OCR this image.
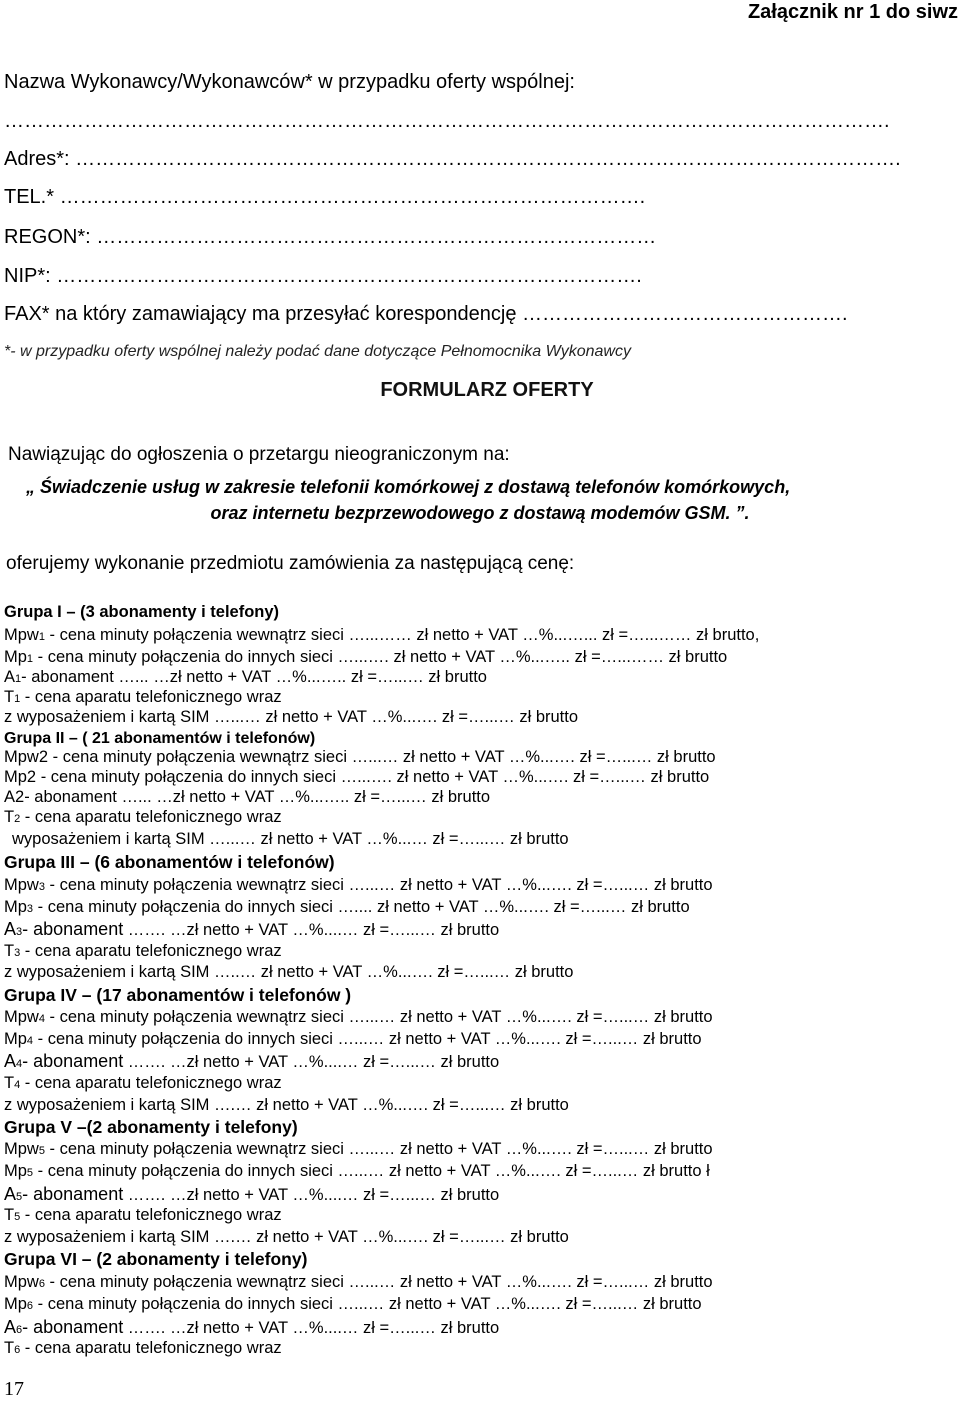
Załącznik nr 1 do siwz
Nazwa Wykonawcy/Wykonawców* w przypadku oferty wspólnej:
…………………………………………………………………………………………………………………….
Adres*: …………………………………………………………………………………………………………….
TEL.* …………………………………………………………………………….
REGON*: …………………………………………………………………………
NIP*: …………………………………………………………………………….
FAX* na który zamawiający ma przesyłać korespondencję ………………………………………….
*- w przypadku oferty wspólnej należy podać dane dotyczące Pełnomocnika Wykonawcy
FORMULARZ OFERTY
Nawiązując do ogłoszenia o przetargu nieograniczonym na:
„ Świadczenie usług w zakresie telefonii komórkowej z dostawą telefonów komórkowych,
oraz internetu bezprzewodowego z dostawą modemów GSM. ”.
oferujemy wykonanie przedmiotu zamówienia za następującą cenę:
Grupa I – (3 abonamenty i telefony)
Mpw1 - cena minuty połączenia wewnątrz sieci …...…… zł netto + VAT …%...…... zł =…...…… zł brutto,
Mp1 - cena minuty połączenia do innych sieci …...…. zł netto + VAT …%...….. zł =…...…… zł brutto
A1- abonament …... …zł netto + VAT …%...….. zł =…...… zł brutto
T1 - cena aparatu telefonicznego wraz
z wyposażeniem i kartą SIM …...… zł netto + VAT …%...…. zł =…...… zł brutto
Grupa II – ( 21 abonamentów i telefonów)
Mpw2 - cena minuty połączenia wewnątrz sieci …...… zł netto + VAT …%...…. zł =…...… zł brutto
Mp2 - cena minuty połączenia do innych sieci …...…. zł netto + VAT …%...…. zł =…...… zł brutto
A2- abonament …... …zł netto + VAT …%...….. zł =…...… zł brutto
T2 - cena aparatu telefonicznego wraz
wyposażeniem i kartą SIM …...… zł netto + VAT …%...… zł =…...… zł brutto
Grupa III – (6 abonamentów i telefonów)
Mpw3 - cena minuty połączenia wewnątrz sieci …...… zł netto + VAT …%...…. zł =…...… zł brutto
Mp3 - cena minuty połączenia do innych sieci ….... zł netto + VAT …%...…. zł =…...… zł brutto
A3- abonament ……. …zł netto + VAT …%....… zł =…...… zł brutto
T3 - cena aparatu telefonicznego wraz
z wyposażeniem i kartą SIM …..… zł netto + VAT …%...…. zł =…...… zł brutto
Grupa IV – (17 abonamentów i telefonów )
Mpw4 - cena minuty połączenia wewnątrz sieci …...… zł netto + VAT …%...…. zł =…...… zł brutto
Mp4 - cena minuty połączenia do innych sieci …...… zł netto + VAT …%...…. zł =…...… zł brutto
A4- abonament ……. …zł netto + VAT …%....… zł =…...… zł brutto
T4 - cena aparatu telefonicznego wraz
z wyposażeniem i kartą SIM ….… zł netto + VAT …%...…. zł =…...… zł brutto
Grupa V –(2 abonamenty i telefony)
Mpw5 - cena minuty połączenia wewnątrz sieci …...… zł netto + VAT …%...…. zł =…...… zł brutto
Mp5 - cena minuty połączenia do innych sieci …...… zł netto + VAT …%...…. zł =…...… zł brutto ł
A5- abonament ……. …zł netto + VAT …%....… zł =…...… zł brutto
T5 - cena aparatu telefonicznego wraz
z wyposażeniem i kartą SIM ….… zł netto + VAT …%...…. zł =…...… zł brutto
Grupa VI – (2 abonamenty i telefony)
Mpw6 - cena minuty połączenia wewnątrz sieci …...… zł netto + VAT …%...…. zł =…...… zł brutto
Mp6 - cena minuty połączenia do innych sieci …...… zł netto + VAT …%...…. zł =…...… zł brutto
A6- abonament ……. …zł netto + VAT …%....… zł =…...… zł brutto
T6 - cena aparatu telefonicznego wraz
17
